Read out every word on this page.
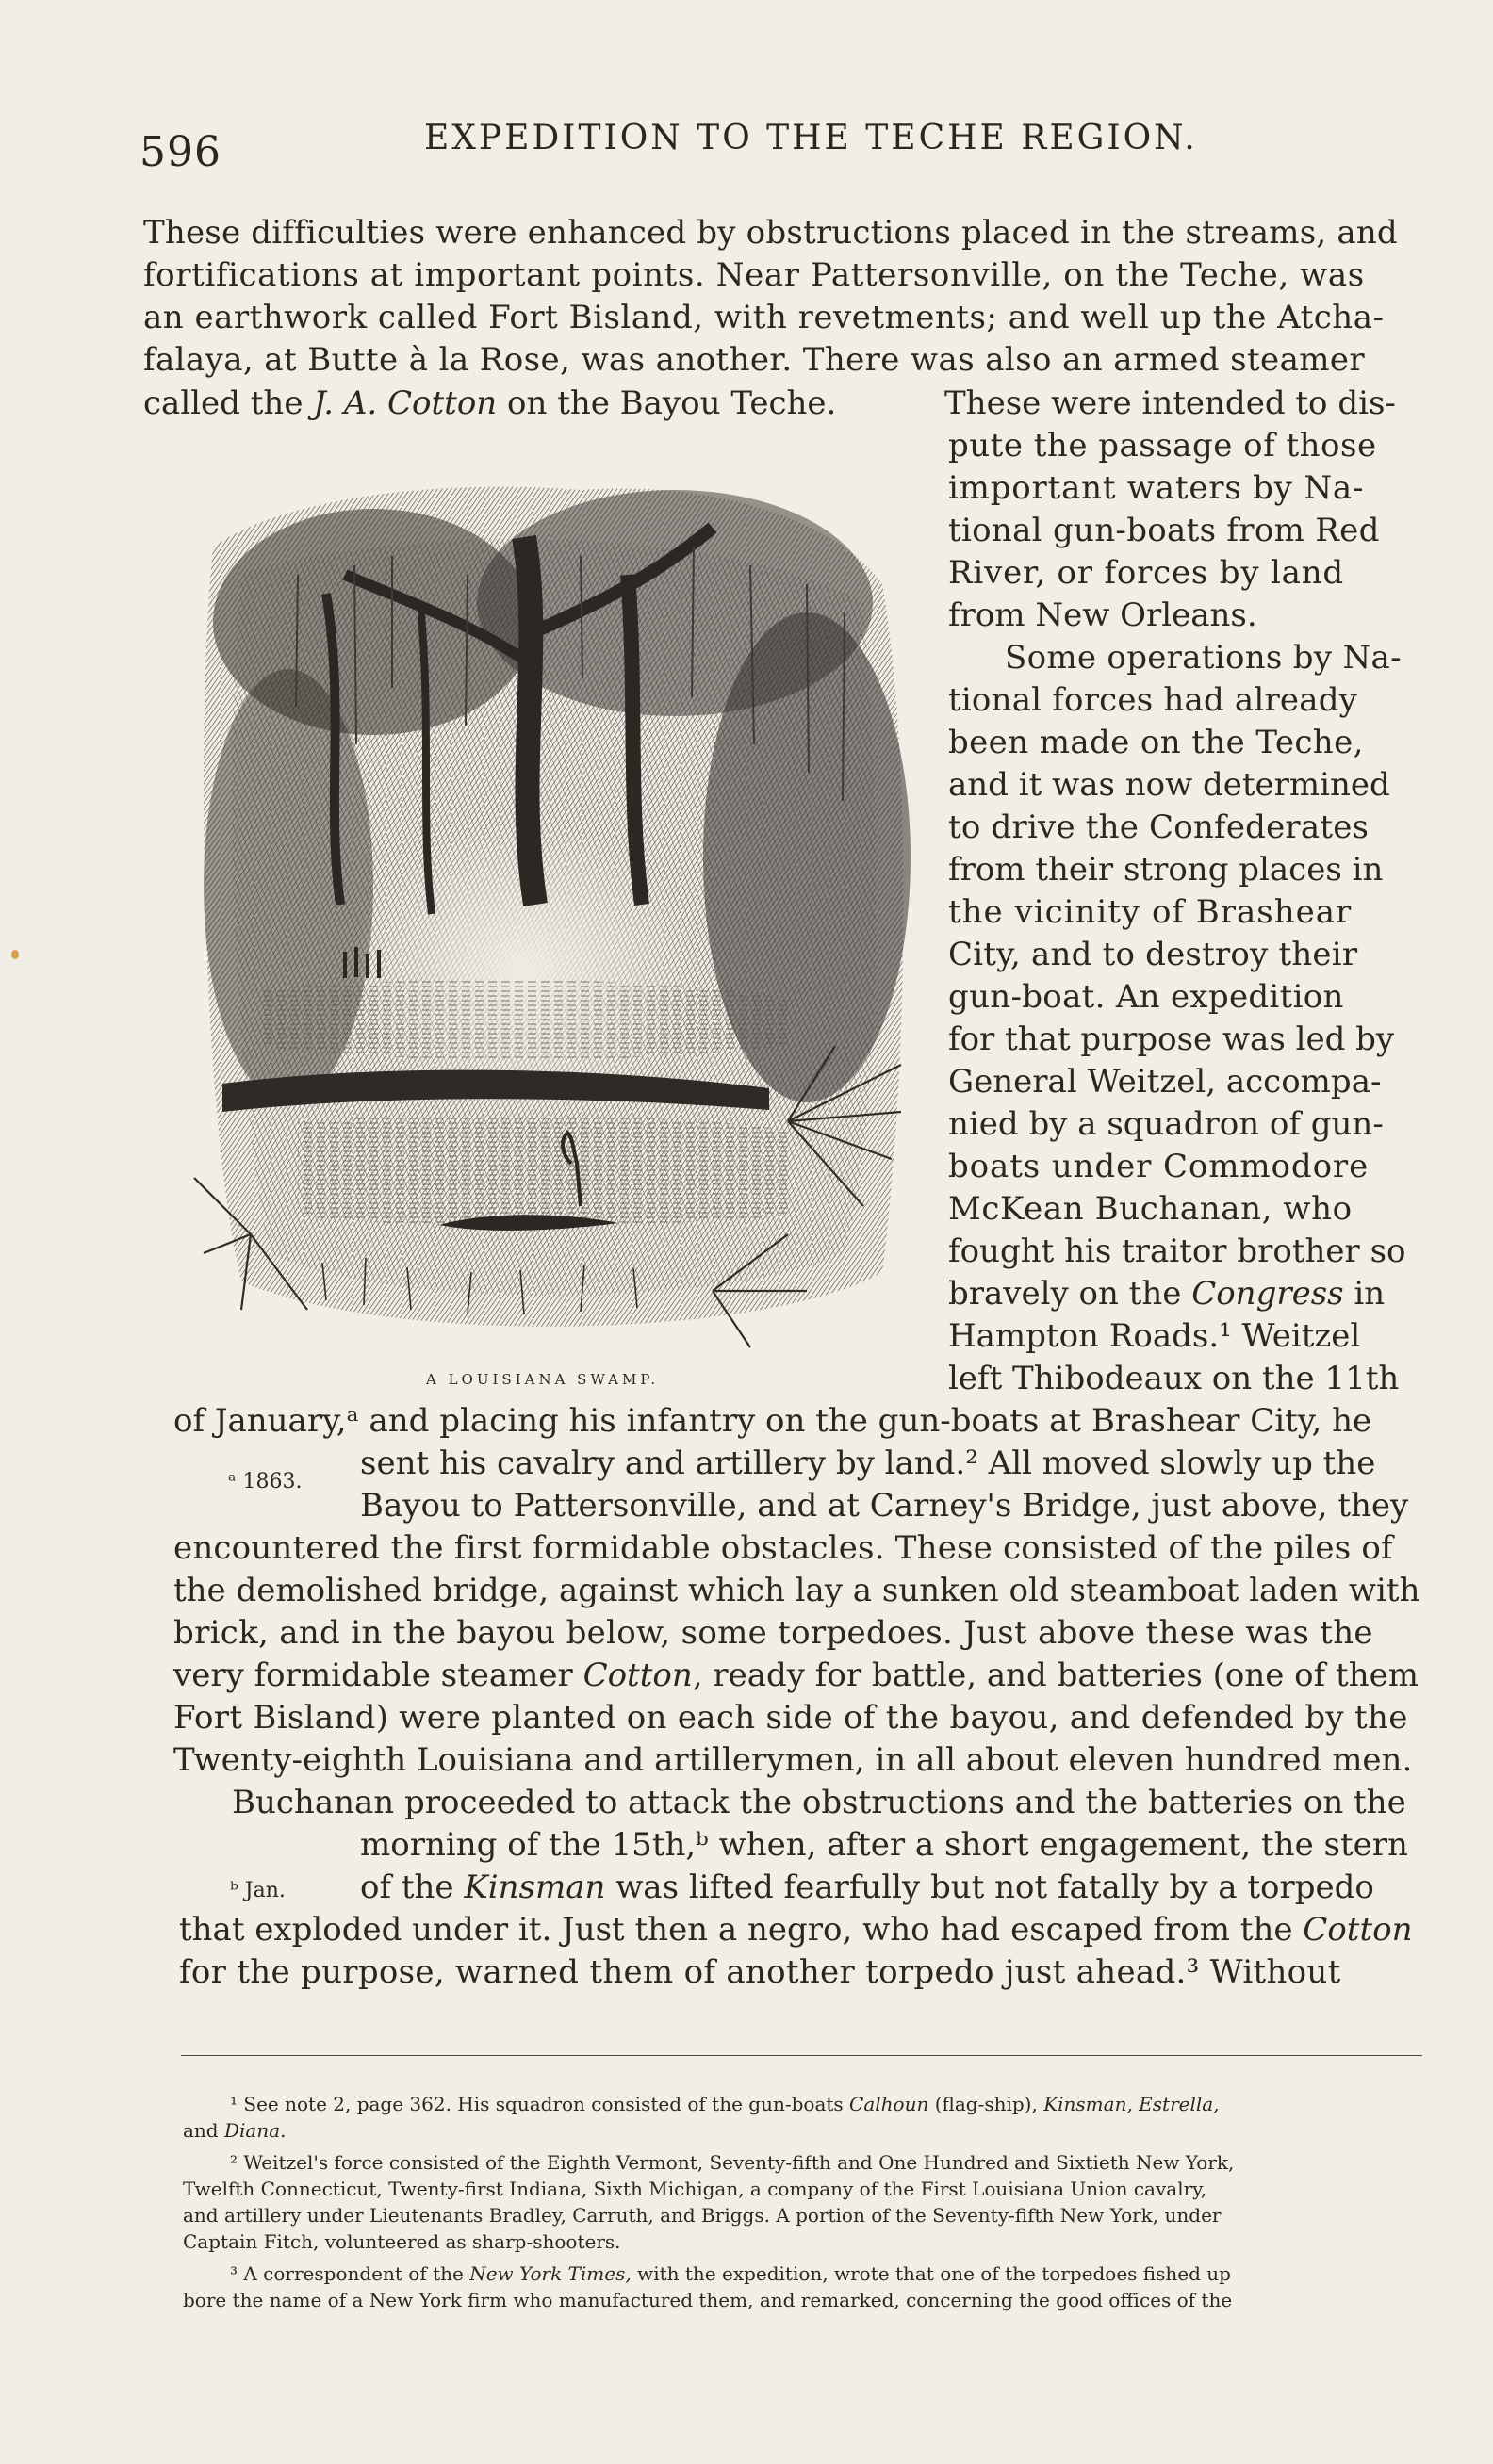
596	EXPEDITION TO THE TECHE REGION.
These difficulties were enhanced by obstructions placed in the streams, and
fortifications at important points. Near Pattersonville, on the Teche, was
an earthwork called Fort Bisland, with revetments; and well up the Atcha-
falaya, at Butte à la Rose, was another. There was also an armed steamer
called the J. A. Cotton on the Bayou Teche.	These were intended to dis-
pute the passage of those
important waters by Na-
tional gun-boats from Red
River, or forces by land
from New Orleans.
Some operations by Na-
tional forces had already
been made on the Teche,
and it was now determined
to drive the Confederates
from their strong places in
the vicinity of Brashear
City, and to destroy their
gun-boat. An expedition
for that purpose was led by
General Weitzel, accompa-
nied by a squadron of gun-
boats under Commodore
McKean Buchanan, who
fought his traitor brother so
bravely on the Congress in
Hampton Roads.¹ Weitzel
left Thibodeaux on the 11th
of January,ᵃ and placing his infantry on the gun-boats at Brashear City, he
sent his cavalry and artillery by land.² All moved slowly up the
ᵃ 1863.
Bayou to Pattersonville, and at Carney's Bridge, just above, they
encountered the first formidable obstacles. These consisted of the piles of
the demolished bridge, against which lay a sunken old steamboat laden with
brick, and in the bayou below, some torpedoes. Just above these was the
very formidable steamer Cotton, ready for battle, and batteries (one of them
Fort Bisland) were planted on each side of the bayou, and defended by the
Twenty-eighth Louisiana and artillerymen, in all about eleven hundred men.
Buchanan proceeded to attack the obstructions and the batteries on the
morning of the 15th,ᵇ when, after a short engagement, the stern
ᵇ Jan. of the Kinsman was lifted fearfully but not fatally by a torpedo
that exploded under it. Just then a negro, who had escaped from the Cotton
for the purpose, warned them of another torpedo just ahead.³ Without
A LOUISIANA SWAMP.
¹ See note 2, page 362. His squadron consisted of the gun-boats Calhoun (flag-ship), Kinsman, Estrella,
and Diana.
² Weitzel's force consisted of the Eighth Vermont, Seventy-fifth and One Hundred and Sixtieth New York,
Twelfth Connecticut, Twenty-first Indiana, Sixth Michigan, a company of the First Louisiana Union cavalry,
and artillery under Lieutenants Bradley, Carruth, and Briggs. A portion of the Seventy-fifth New York, under
Captain Fitch, volunteered as sharp-shooters.
³ A correspondent of the New York Times, with the expedition, wrote that one of the torpedoes fished up
bore the name of a New York firm who manufactured them, and remarked, concerning the good offices of the
